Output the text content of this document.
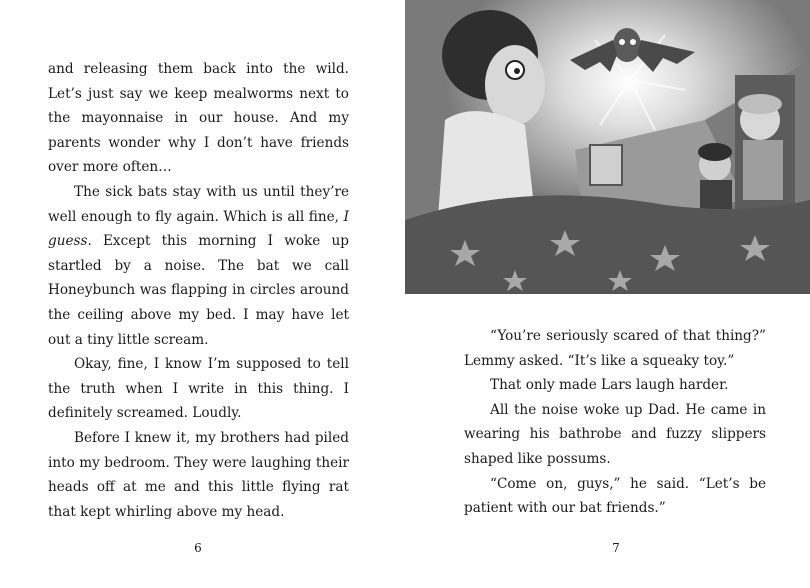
and releasing them back into the wild. Let’s just say we keep mealworms next to the mayonnaise in our house. And my parents wonder why I don’t have friends over more often…

The sick bats stay with us until they’re well enough to fly again. Which is all fine, I guess. Except this morning I woke up startled by a noise. The bat we call Honeybunch was flapping in circles around the ceiling above my bed. I may have let out a tiny little scream.

Okay, fine, I know I’m supposed to tell the truth when I write in this thing. I definitely screamed. Loudly.

Before I knew it, my brothers had piled into my bedroom. They were laughing their heads off at me and this little flying rat that kept whirling above my head.

6

“You’re seriously scared of that thing?” Lemmy asked. “It’s like a squeaky toy.”

That only made Lars laugh harder.

All the noise woke up Dad. He came in wearing his bathrobe and fuzzy slippers shaped like possums.

“Come on, guys,” he said. “Let’s be patient with our bat friends.”

7
